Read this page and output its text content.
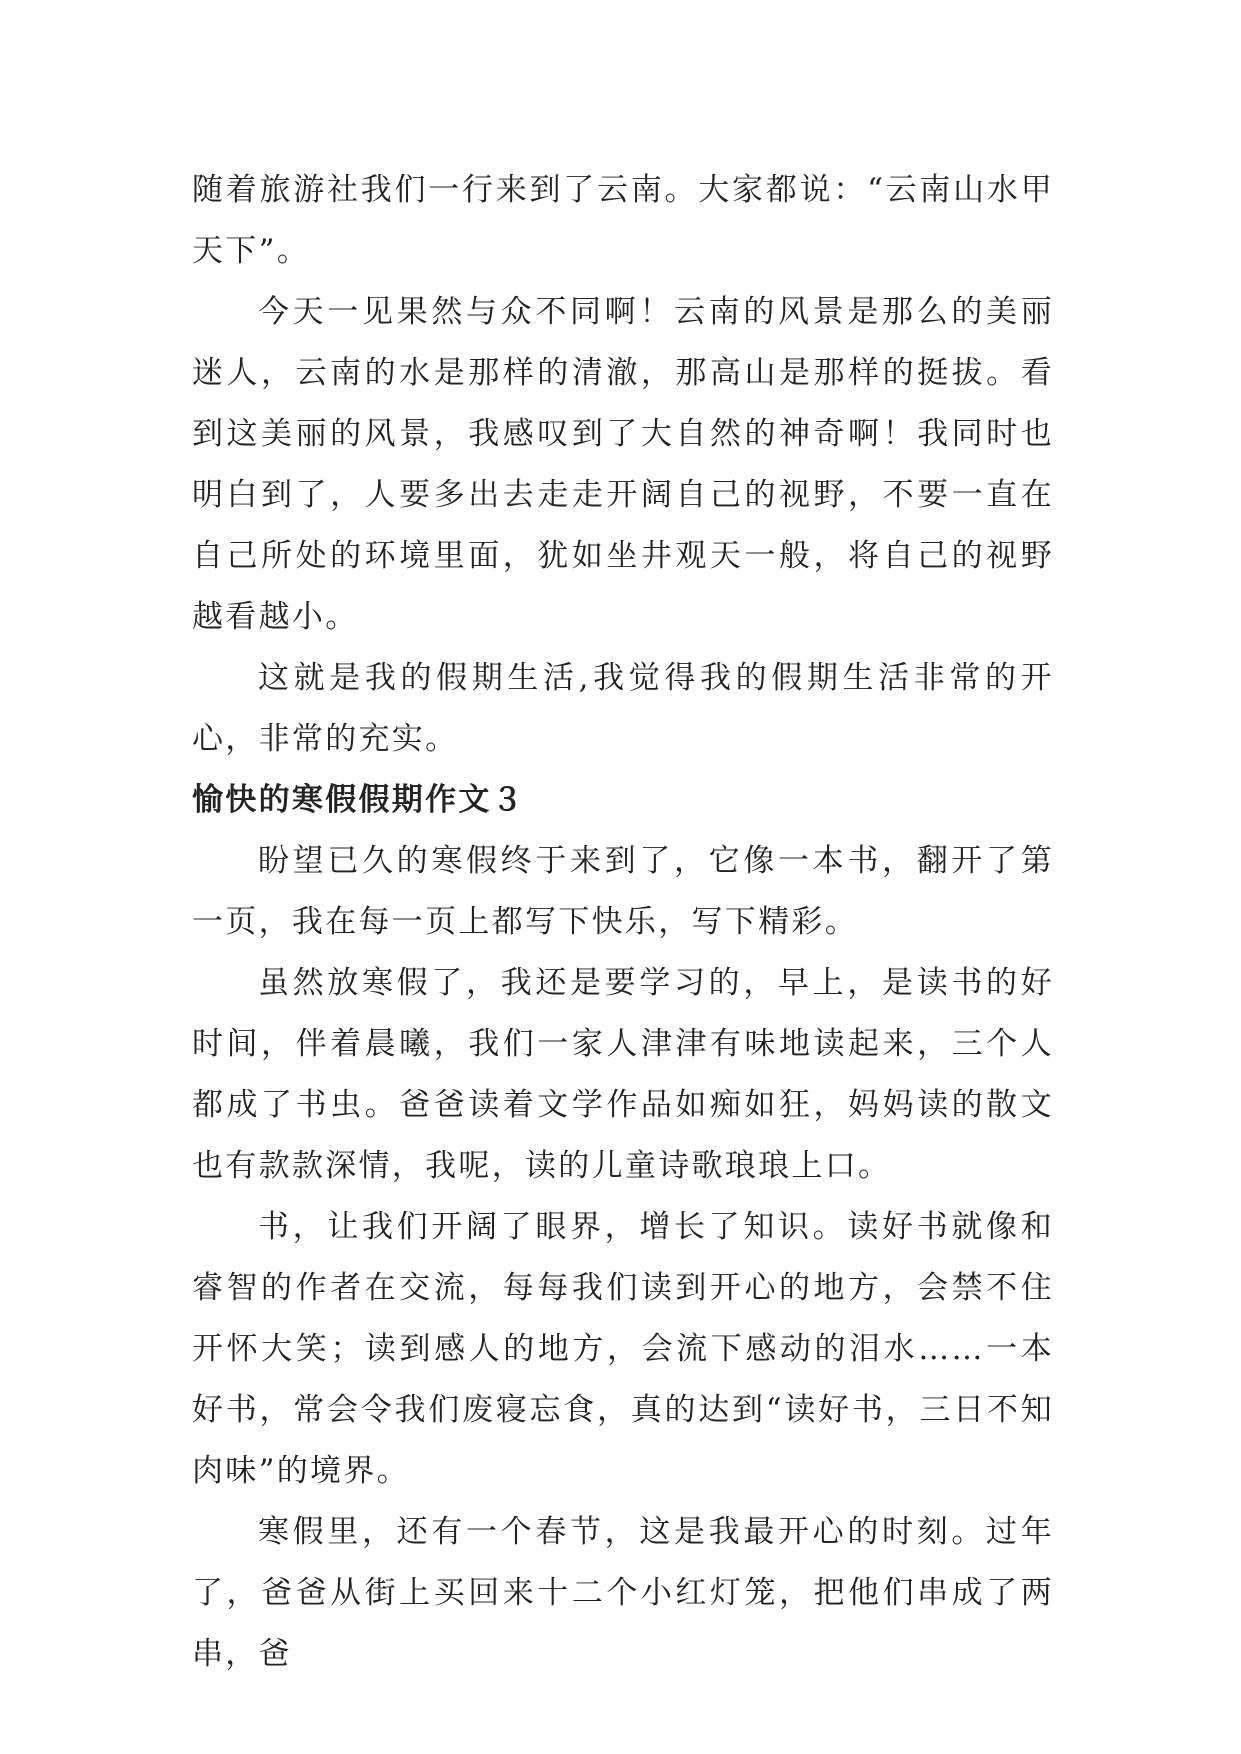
随着旅游社我们一行来到了云南。大家都说：“云南山水甲天下”。

今天一见果然与众不同啊！云南的风景是那么的美丽迷人，云南的水是那样的清澈，那高山是那样的挺拔。看到这美丽的风景，我感叹到了大自然的神奇啊！我同时也明白到了，人要多出去走走开阔自己的视野，不要一直在自己所处的环境里面，犹如坐井观天一般，将自己的视野越看越小。

这就是我的假期生活,我觉得我的假期生活非常的开心，非常的充实。

愉快的寒假假期作文３

盼望已久的寒假终于来到了，它像一本书，翻开了第一页，我在每一页上都写下快乐，写下精彩。

虽然放寒假了，我还是要学习的，早上，是读书的好时间，伴着晨曦，我们一家人津津有味地读起来，三个人都成了书虫。爸爸读着文学作品如痴如狂，妈妈读的散文也有款款深情，我呢，读的儿童诗歌琅琅上口。

书，让我们开阔了眼界，增长了知识。读好书就像和睿智的作者在交流，每每我们读到开心的地方，会禁不住开怀大笑；读到感人的地方，会流下感动的泪水……一本好书，常会令我们废寝忘食，真的达到“读好书，三日不知肉味”的境界。

寒假里，还有一个春节，这是我最开心的时刻。过年了，爸爸从街上买回来十二个小红灯笼，把他们串成了两串，爸
